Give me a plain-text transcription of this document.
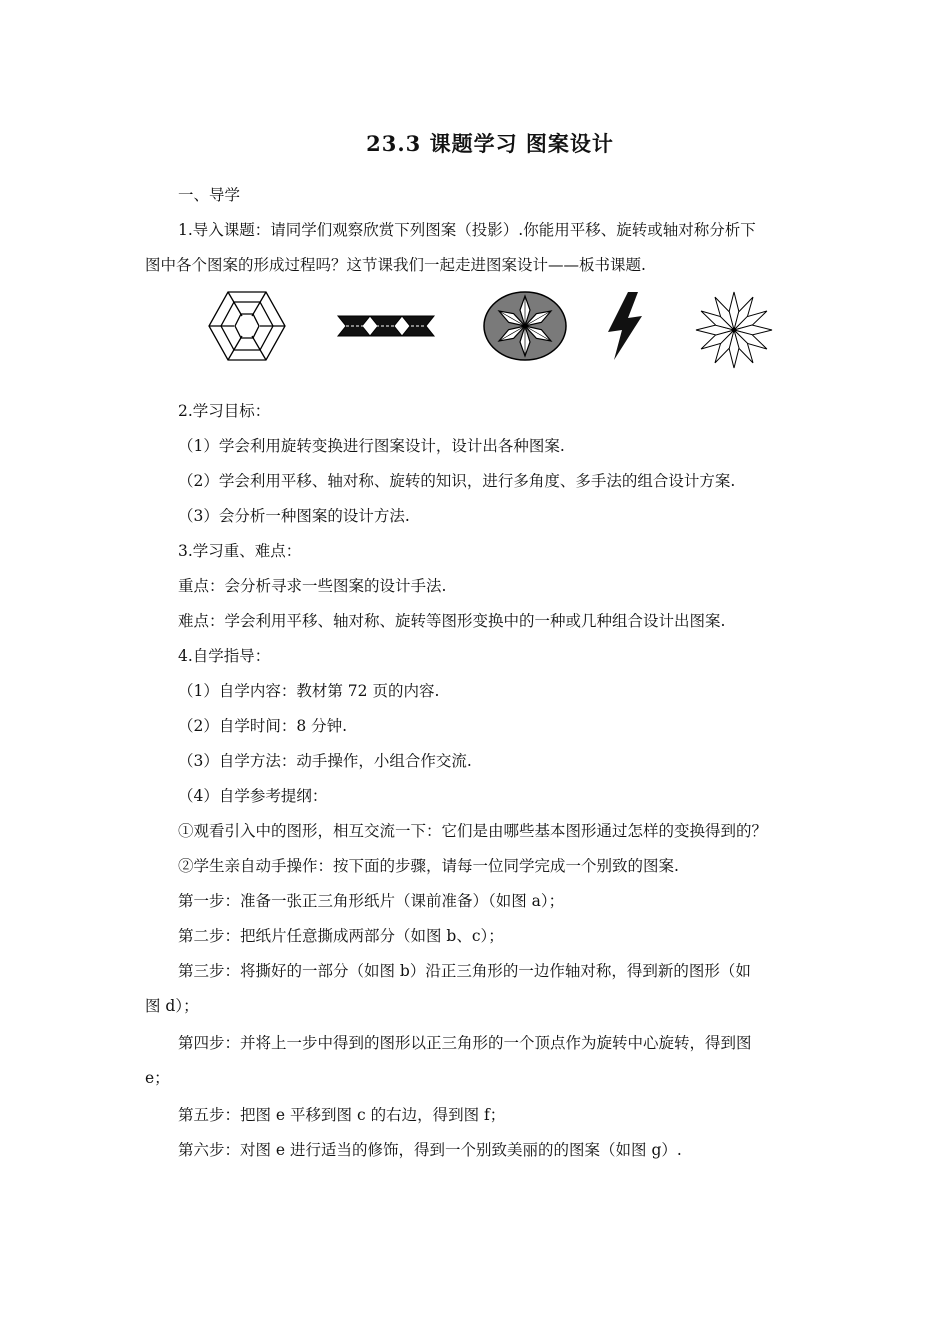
23.3 课题学习 图案设计
一、导学
1.导入课题：请同学们观察欣赏下列图案（投影）.你能用平移、旋转或轴对称分析下
图中各个图案的形成过程吗？这节课我们一起走进图案设计——板书课题.
2.学习目标：
（1）学会利用旋转变换进行图案设计，设计出各种图案.
（2）学会利用平移、轴对称、旋转的知识，进行多角度、多手法的组合设计方案.
（3）会分析一种图案的设计方法.
3.学习重、难点：
重点：会分析寻求一些图案的设计手法.
难点：学会利用平移、轴对称、旋转等图形变换中的一种或几种组合设计出图案.
4.自学指导：
（1）自学内容：教材第 72 页的内容.
（2）自学时间：8 分钟.
（3）自学方法：动手操作，小组合作交流.
（4）自学参考提纲：
①观看引入中的图形，相互交流一下：它们是由哪些基本图形通过怎样的变换得到的？
②学生亲自动手操作：按下面的步骤，请每一位同学完成一个别致的图案.
第一步：准备一张正三角形纸片（课前准备）（如图 a）；
第二步：把纸片任意撕成两部分（如图 b、c）；
第三步：将撕好的一部分（如图 b）沿正三角形的一边作轴对称，得到新的图形（如
图 d）；
第四步：并将上一步中得到的图形以正三角形的一个顶点作为旋转中心旋转，得到图
e；
第五步：把图 e 平移到图 c 的右边，得到图 f；
第六步：对图 e 进行适当的修饰，得到一个别致美丽的的图案（如图 g）.
